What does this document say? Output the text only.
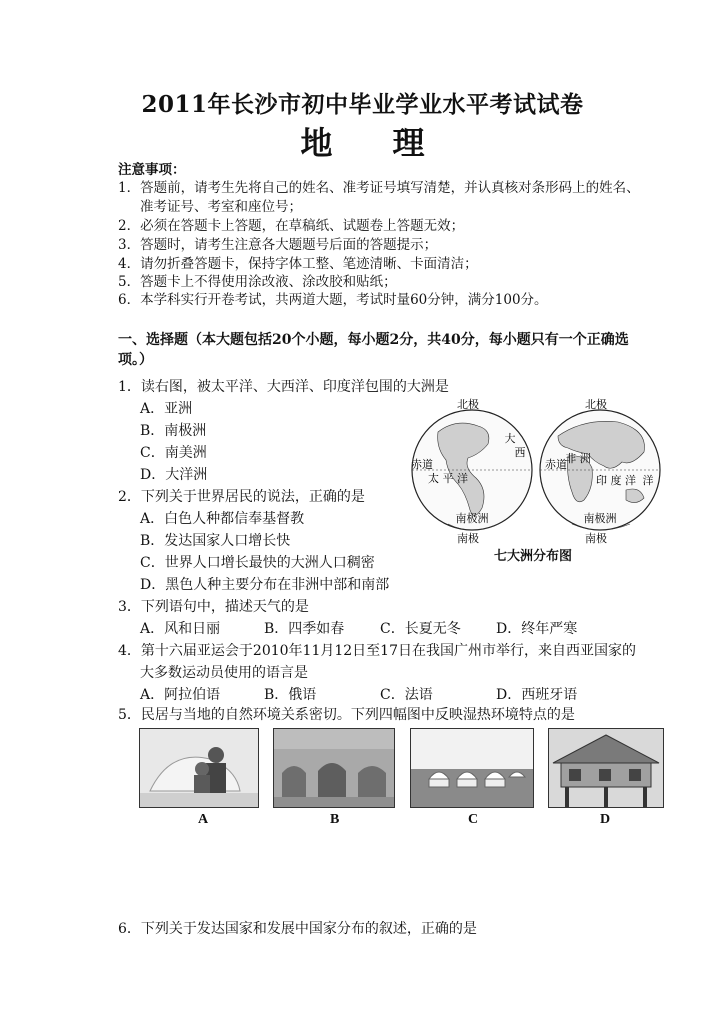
2011年长沙市初中毕业学业水平考试试卷
地 理
注意事项：
1．答题前，请考生先将自己的姓名、准考证号填写清楚，并认真核对条形码上的姓名、
准考证号、考室和座位号；
2．必须在答题卡上答题，在草稿纸、试题卷上答题无效；
3．答题时，请考生注意各大题题号后面的答题提示；
4．请勿折叠答题卡，保持字体工整、笔迹清晰、卡面清洁；
5．答题卡上不得使用涂改液、涂改胶和贴纸；
6．本学科实行开卷考试，共两道大题，考试时量60分钟，满分100分。
一、选择题（本大题包括20个小题，每小题2分，共40分，每小题只有一个正确选
项。）
1．读右图，被太平洋、大西洋、印度洋包围的大洲是
A．亚洲
B．南极洲
C．南美洲
D．大洋洲
2．下列关于世界居民的说法，正确的是
A．白色人种都信奉基督教
B．发达国家人口增长快
C．世界人口增长最快的大洲人口稠密
D．黑色人种主要分布在非洲中部和南部
北极	北极
赤道	赤道
太 平 洋	洋
大
西	非 洲
印 度 洋
南极洲	南极洲
南极	南极
七大洲分布图
3．下列语句中，描述天气的是
A．风和日丽	B．四季如春	C．长夏无冬	D．终年严寒
4．第十六届亚运会于2010年11月12日至17日在我国广州市举行，来自西亚国家的
大多数运动员使用的语言是
A．阿拉伯语	B．俄语	C．法语	D．西班牙语
5．民居与当地的自然环境关系密切。下列四幅图中反映湿热环境特点的是
A	B	C	D
6．下列关于发达国家和发展中国家分布的叙述，正确的是
